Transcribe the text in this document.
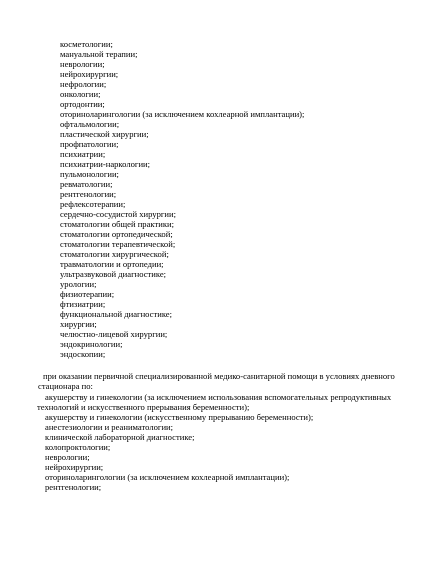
косметологии;
мануальной терапии;
неврологии;
нейрохирургии;
нефрологии;
онкологии;
ортодонтии;
оториноларингологии (за исключением кохлеарной имплантации);
офтальмологии;
пластической хирургии;
профпатологии;
психиатрии;
психиатрии-наркологии;
пульмонологии;
ревматологии;
рентгенологии;
рефлексотерапии;
сердечно-сосудистой хирургии;
стоматологии общей практики;
стоматологии ортопедической;
стоматологии терапевтической;
стоматологии хирургической;
травматологии и ортопедии;
ультразвуковой диагностике;
урологии;
физиотерапии;
фтизиатрии;
функциональной диагностике;
хирургии;
челюстно-лицевой хирургии;
эндокринологии;
эндоскопии;

при оказании первичной специализированной медико-санитарной помощи в условиях дневного стационара по:

акушерству и гинекологии (за исключением использования вспомогательных репродуктивных
технологий и искусственного прерывания беременности);
акушерству и гинекологии (искусственному прерыванию беременности);
анестезиологии и реаниматологии;
клинической лабораторной диагностике;
колопроктологии;
неврологии;
нейрохирургии;
оториноларингологии (за исключением кохлеарной имплантации);
рентгенологии;
